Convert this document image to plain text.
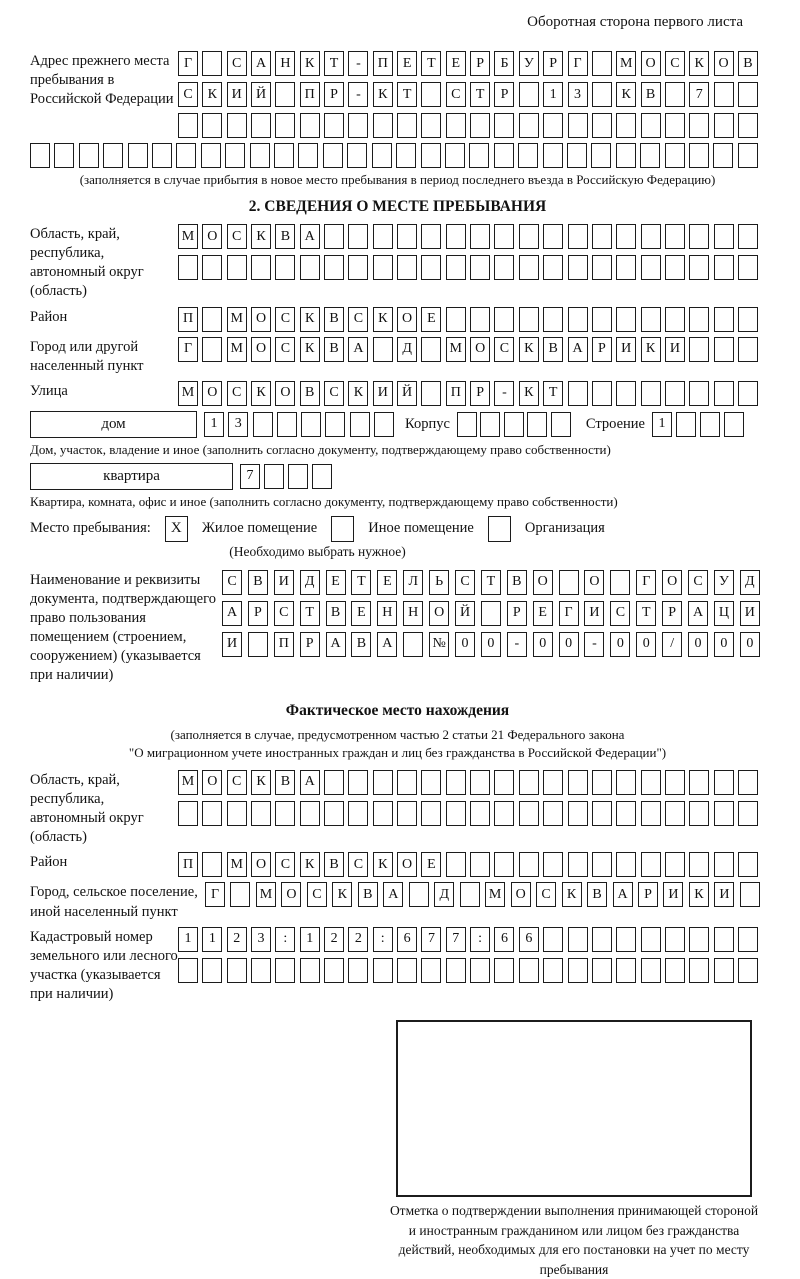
Оборотная сторона первого листа
Адрес прежнего места пребывания в Российской Федерации
Г	С	А	Н	К	Т	-	П	Е	Т	Е	Р	Б	У	Р	Г	М О	С	К	О	В
С	К	И	Й	П	Р	-	К	Т	С	Т	Р	1	3	К	В	7
(заполняется в случае прибытия в новое место пребывания в период последнего въезда в Российскую Федерацию)
2. СВЕДЕНИЯ О МЕСТЕ ПРЕБЫВАНИЯ
Область, край, республика, автономный округ (область)
М О	С	К	В	А
Район	П	М О	С	К	В	С	К	О	Е
Город или другой населенный пункт
Г	М О	С	К	В	А	Д	М О	С	К	В	А	Р	И	К	И
Улица	М О	С	К	О	В	С	К	И	Й	П	Р	-	К	Т
дом	1	3	Корпус	Строение 1
Дом, участок, владение и иное (заполнить согласно документу, подтверждающему право собственности)
квартира	7
Квартира, комната, офис и иное (заполнить согласно документу, подтверждающему право собственности)
Место пребывания:	X	Жилое помещение	Иное помещение	Организация
(Необходимо выбрать нужное)
Наименование и реквизиты документа, подтверждающего право пользования помещением (строением, сооружением) (указывается при наличии)
С	В	И	Д	Е	Т	Е	Л	Ь	С	Т	В	О	О	Г	О	С	У	Д
А	Р	С	Т	В	Е	Н	Н	О	Й	Р	Е	Г	И	С	Т	Р	А	Ц	И
И	П	Р	А	В	А	№	0	0	-	0	0	-	0	0	/	0	0	0
Фактическое место нахождения
(заполняется в случае, предусмотренном частью 2 статьи 21 Федерального закона
"О миграционном учете иностранных граждан и лиц без гражданства в Российской Федерации")
Область, край, республика, автономный округ (область)
М О	С	К	В	А
Район	П	М О	С	К	В	С	К	О	Е
Город, сельское поселение, иной населенный пункт
Г	М	О	С	К	В	А	Д	М	О	С	К	В	А	Р	И	К	И
Кадастровый номер земельного или лесного участка (указывается при наличии)
1	1	2	3	:	1	2	2	:	6	7	7	:	6	6
Отметка о подтверждении выполнения принимающей стороной и иностранным гражданином или лицом без гражданства действий, необходимых для его постановки на учет по месту пребывания
